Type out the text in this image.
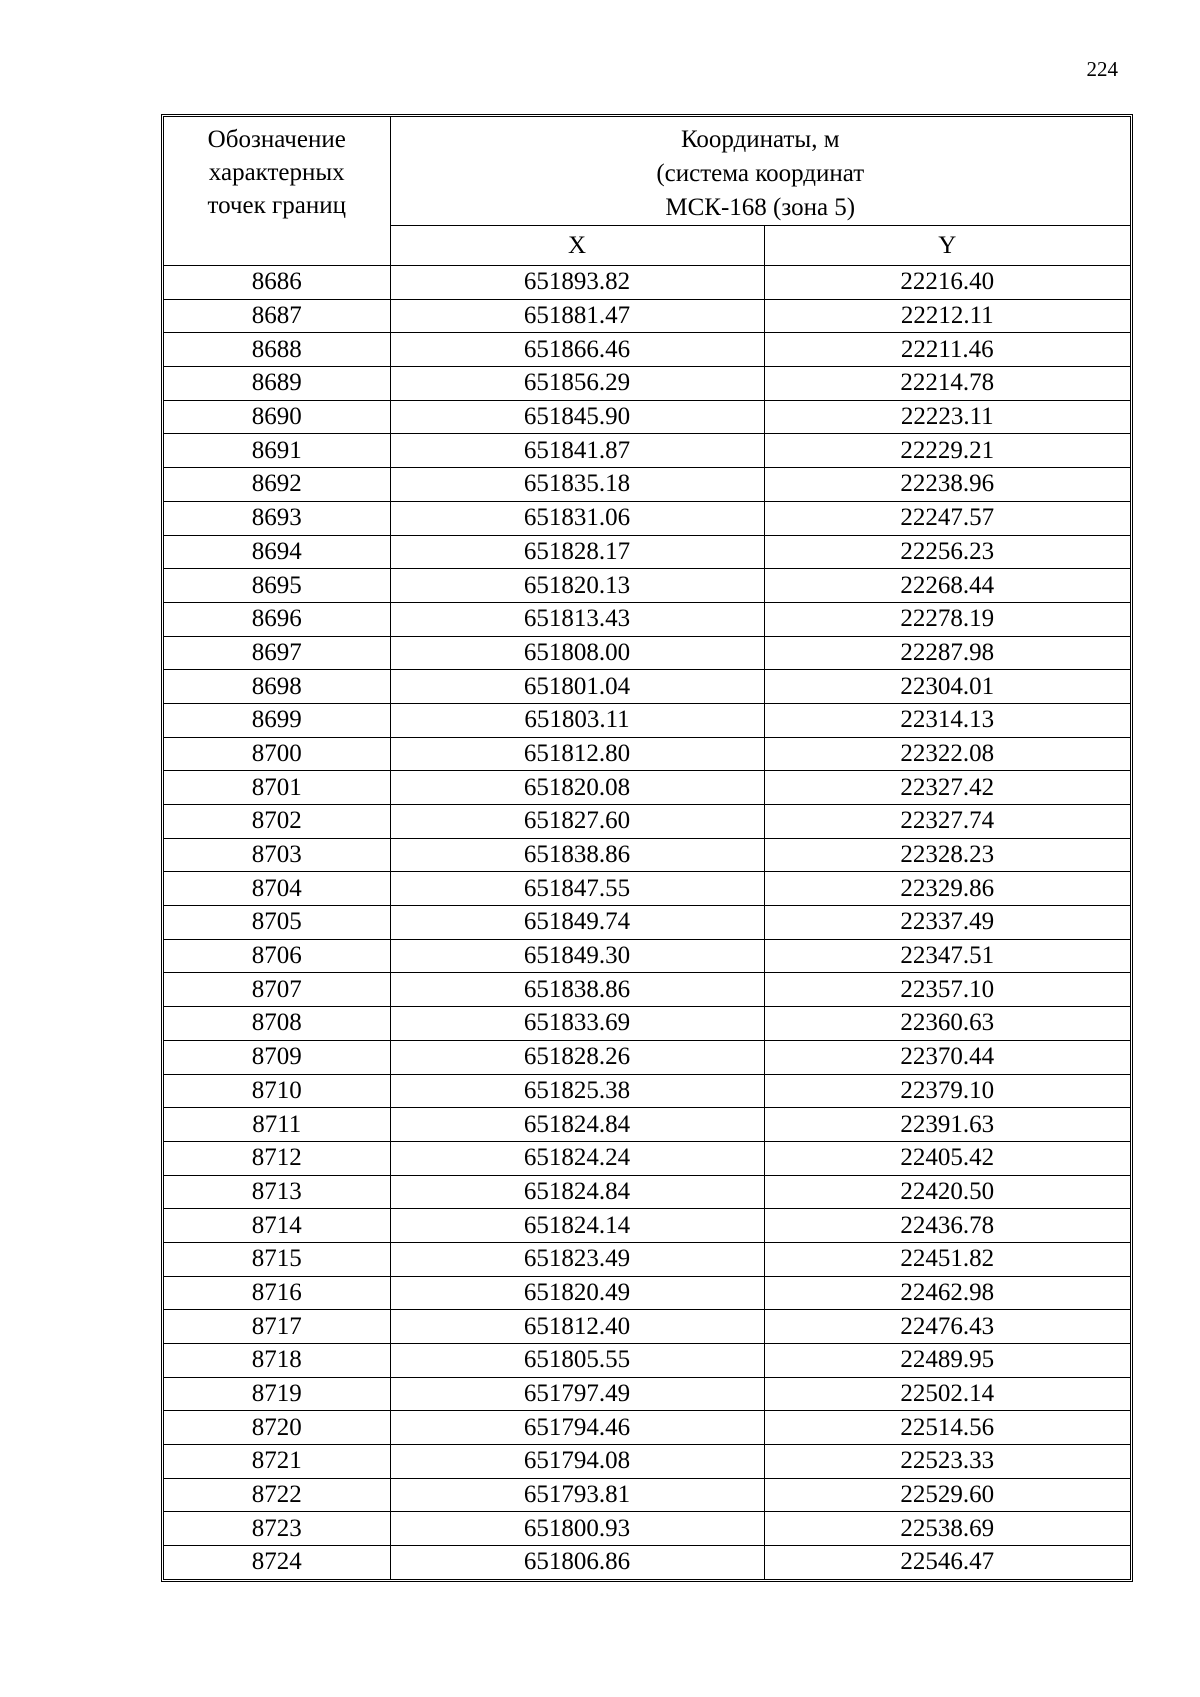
224
Обозначение
характерных
точек границ	Координаты, м
(система координат
МСК-168 (зона 5)	

	X	Y
8686	651893.82	22216.40
8687	651881.47	22212.11
8688	651866.46	22211.46
8689	651856.29	22214.78
8690	651845.90	22223.11
8691	651841.87	22229.21
8692	651835.18	22238.96
8693	651831.06	22247.57
8694	651828.17	22256.23
8695	651820.13	22268.44
8696	651813.43	22278.19
8697	651808.00	22287.98
8698	651801.04	22304.01
8699	651803.11	22314.13
8700	651812.80	22322.08
8701	651820.08	22327.42
8702	651827.60	22327.74
8703	651838.86	22328.23
8704	651847.55	22329.86
8705	651849.74	22337.49
8706	651849.30	22347.51
8707	651838.86	22357.10
8708	651833.69	22360.63
8709	651828.26	22370.44
8710	651825.38	22379.10
8711	651824.84	22391.63
8712	651824.24	22405.42
8713	651824.84	22420.50
8714	651824.14	22436.78
8715	651823.49	22451.82
8716	651820.49	22462.98
8717	651812.40	22476.43
8718	651805.55	22489.95
8719	651797.49	22502.14
8720	651794.46	22514.56
8721	651794.08	22523.33
8722	651793.81	22529.60
8723	651800.93	22538.69
8724	651806.86	22546.47
